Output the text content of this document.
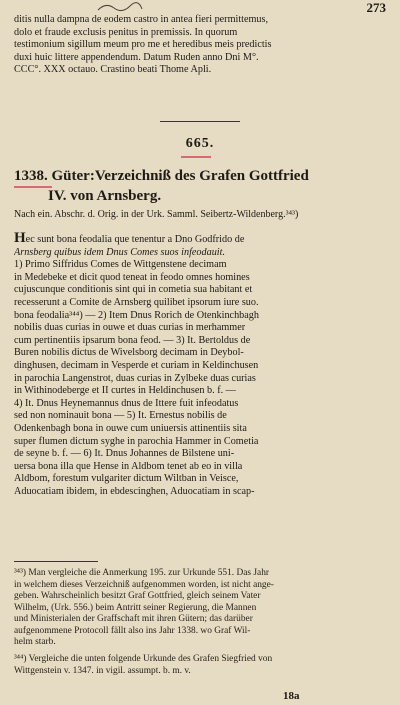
273
ditis nulla dampna de eodem castro in antea fieri permittemus,
dolo et fraude exclusis penitus in premissis. In quorum
testimonium sigillum meum pro me et heredibus meis predictis
duxi huic littere appendendum. Datum Ruden anno Dni M°.
CCC°. XXX octauo. Crastino beati Thome Apli.
665.
1338. Güter:Verzeichniß des Grafen Gottfried
IV. von Arnsberg.
Nach ein. Abschr. d. Orig. in der Urk. Samml. Seibertz-Wildenberg.³⁴³)
Hec sunt bona feodalia que tenentur a Dno Godfrido de
Arnsberg quibus idem Dnus Comes suos infeodauit.
1) Primo Siffridus Comes de Wittgenstene decimam
in Medebeke et dicit quod teneat in feodo omnes homines
cujuscunque conditionis sint qui in cometia sua habitant et
recesserunt a Comite de Arnsberg quilibet ipsorum iure suo.
bona feodalia³⁴⁴) — 2) Item Dnus Rorich de Otenkinchbagh
nobilis duas curias in ouwe et duas curias in merhammer
cum pertinentiis ipsarum bona feod. — 3) It. Bertoldus de
Buren nobilis dictus de Wivelsborg decimam in Deybol-
dinghusen, decimam in Vesperde et curiam in Keldinchusen
in parochia Langenstrot, duas curias in Zylbeke duas curias
in Withinodeberge et II curtes in Heldinchusen b. f. —
4) It. Dnus Heynemannus dnus de Ittere fuit infeodatus
sed non nominauit bona — 5) It. Ernestus nobilis de
Odenkenbagh bona in ouwe cum uniuersis attinentiis sita
super flumen dictum syghe in parochia Hammer in Cometia
de seyne b. f. — 6) It. Dnus Johannes de Bilstene uni-
uersa bona illa que Hense in Aldbom tenet ab eo in villa
Aldbom, forestum vulgariter dictum Wiltban in Veisce,
Aduocatiam ibidem, in ebdescinghen, Aduocatiam in scap-
³⁴³) Man vergleiche die Anmerkung 195. zur Urkunde 551. Das Jahr
in welchem dieses Verzeichniß aufgenommen worden, ist nicht ange-
geben. Wahrscheinlich besitzt Graf Gottfried, gleich seinem Vater
Wilhelm, (Urk. 556.) beim Antritt seiner Regierung, die Mannen
und Ministerialen der Graffschaft mit ihren Gütern; das darüber
aufgenommene Protocoll fällt also ins Jahr 1338. wo Graf Wil-
helm starb.
³⁴⁴) Vergleiche die unten folgende Urkunde des Grafen Siegfried von
Wittgenstein v. 1347. in vigil. assumpt. b. m. v.
18a
